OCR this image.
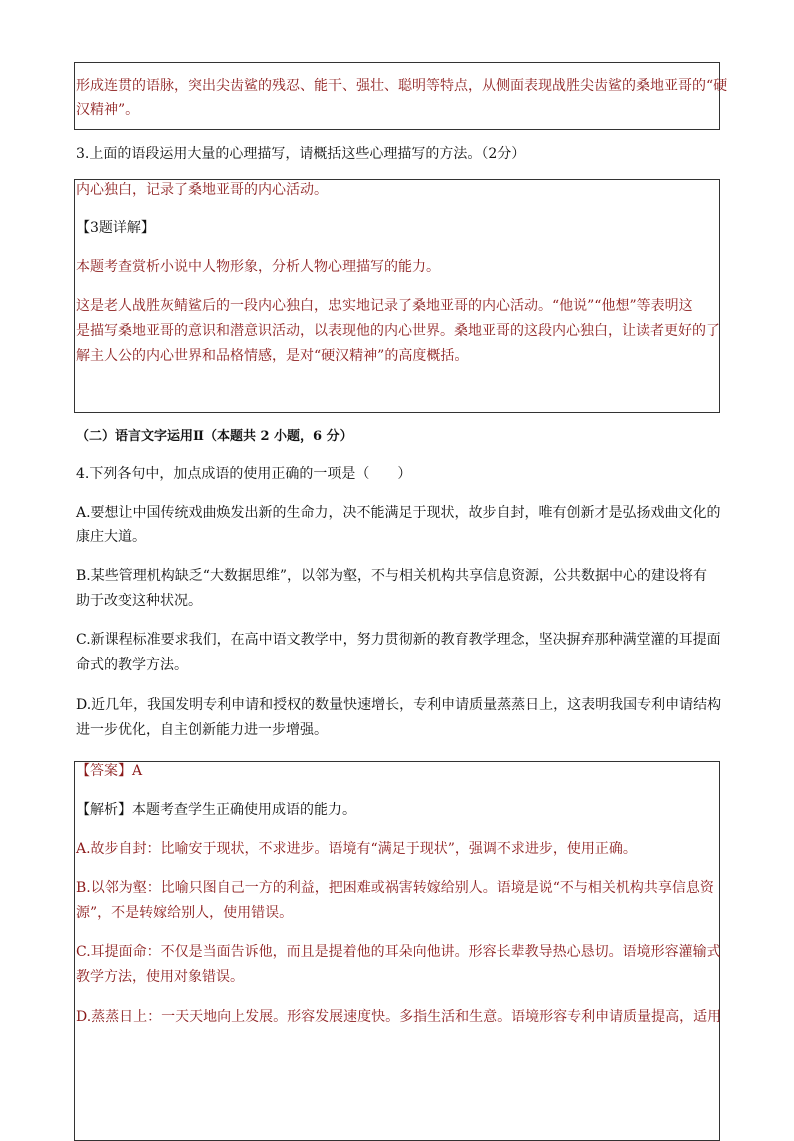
形成连贯的语脉，突出尖齿鲨的残忍、能干、强壮、聪明等特点，从侧面表现战胜尖齿鲨的桑地亚哥的“硬
汉精神”。
3.上面的语段运用大量的心理描写，请概括这些心理描写的方法。（2分）
内心独白，记录了桑地亚哥的内心活动。
【3题详解】
本题考查赏析小说中人物形象，分析人物心理描写的能力。
这是老人战胜灰鲭鲨后的一段内心独白，忠实地记录了桑地亚哥的内心活动。“他说”“他想”等表明这
是描写桑地亚哥的意识和潜意识活动，以表现他的内心世界。桑地亚哥的这段内心独白，让读者更好的了
解主人公的内心世界和品格情感，是对“硬汉精神”的高度概括。
（二）语言文字运用Ⅱ（本题共 2 小题，6 分）
4.下列各句中，加点成语的使用正确的一项是（　　）
A.要想让中国传统戏曲焕发出新的生命力，决不能满足于现状，故步自封，唯有创新才是弘扬戏曲文化的
康庄大道。
B.某些管理机构缺乏“大数据思维”，以邻为壑，不与相关机构共享信息资源，公共数据中心的建设将有
助于改变这种状况。
C.新课程标准要求我们，在高中语文教学中，努力贯彻新的教育教学理念，坚决摒弃那种满堂灌的耳提面
命式的教学方法。
D.近几年，我国发明专利申请和授权的数量快速增长，专利申请质量蒸蒸日上，这表明我国专利申请结构
进一步优化，自主创新能力进一步增强。
【答案】A
【解析】本题考查学生正确使用成语的能力。
A.故步自封：比喻安于现状，不求进步。语境有“满足于现状”，强调不求进步，使用正确。
B.以邻为壑：比喻只图自己一方的利益，把困难或祸害转嫁给别人。语境是说“不与相关机构共享信息资
源”，不是转嫁给别人，使用错误。
C.耳提面命：不仅是当面告诉他，而且是提着他的耳朵向他讲。形容长辈教导热心恳切。语境形容灌输式
教学方法，使用对象错误。
D.蒸蒸日上：一天天地向上发展。形容发展速度快。多指生活和生意。语境形容专利申请质量提高，适用
